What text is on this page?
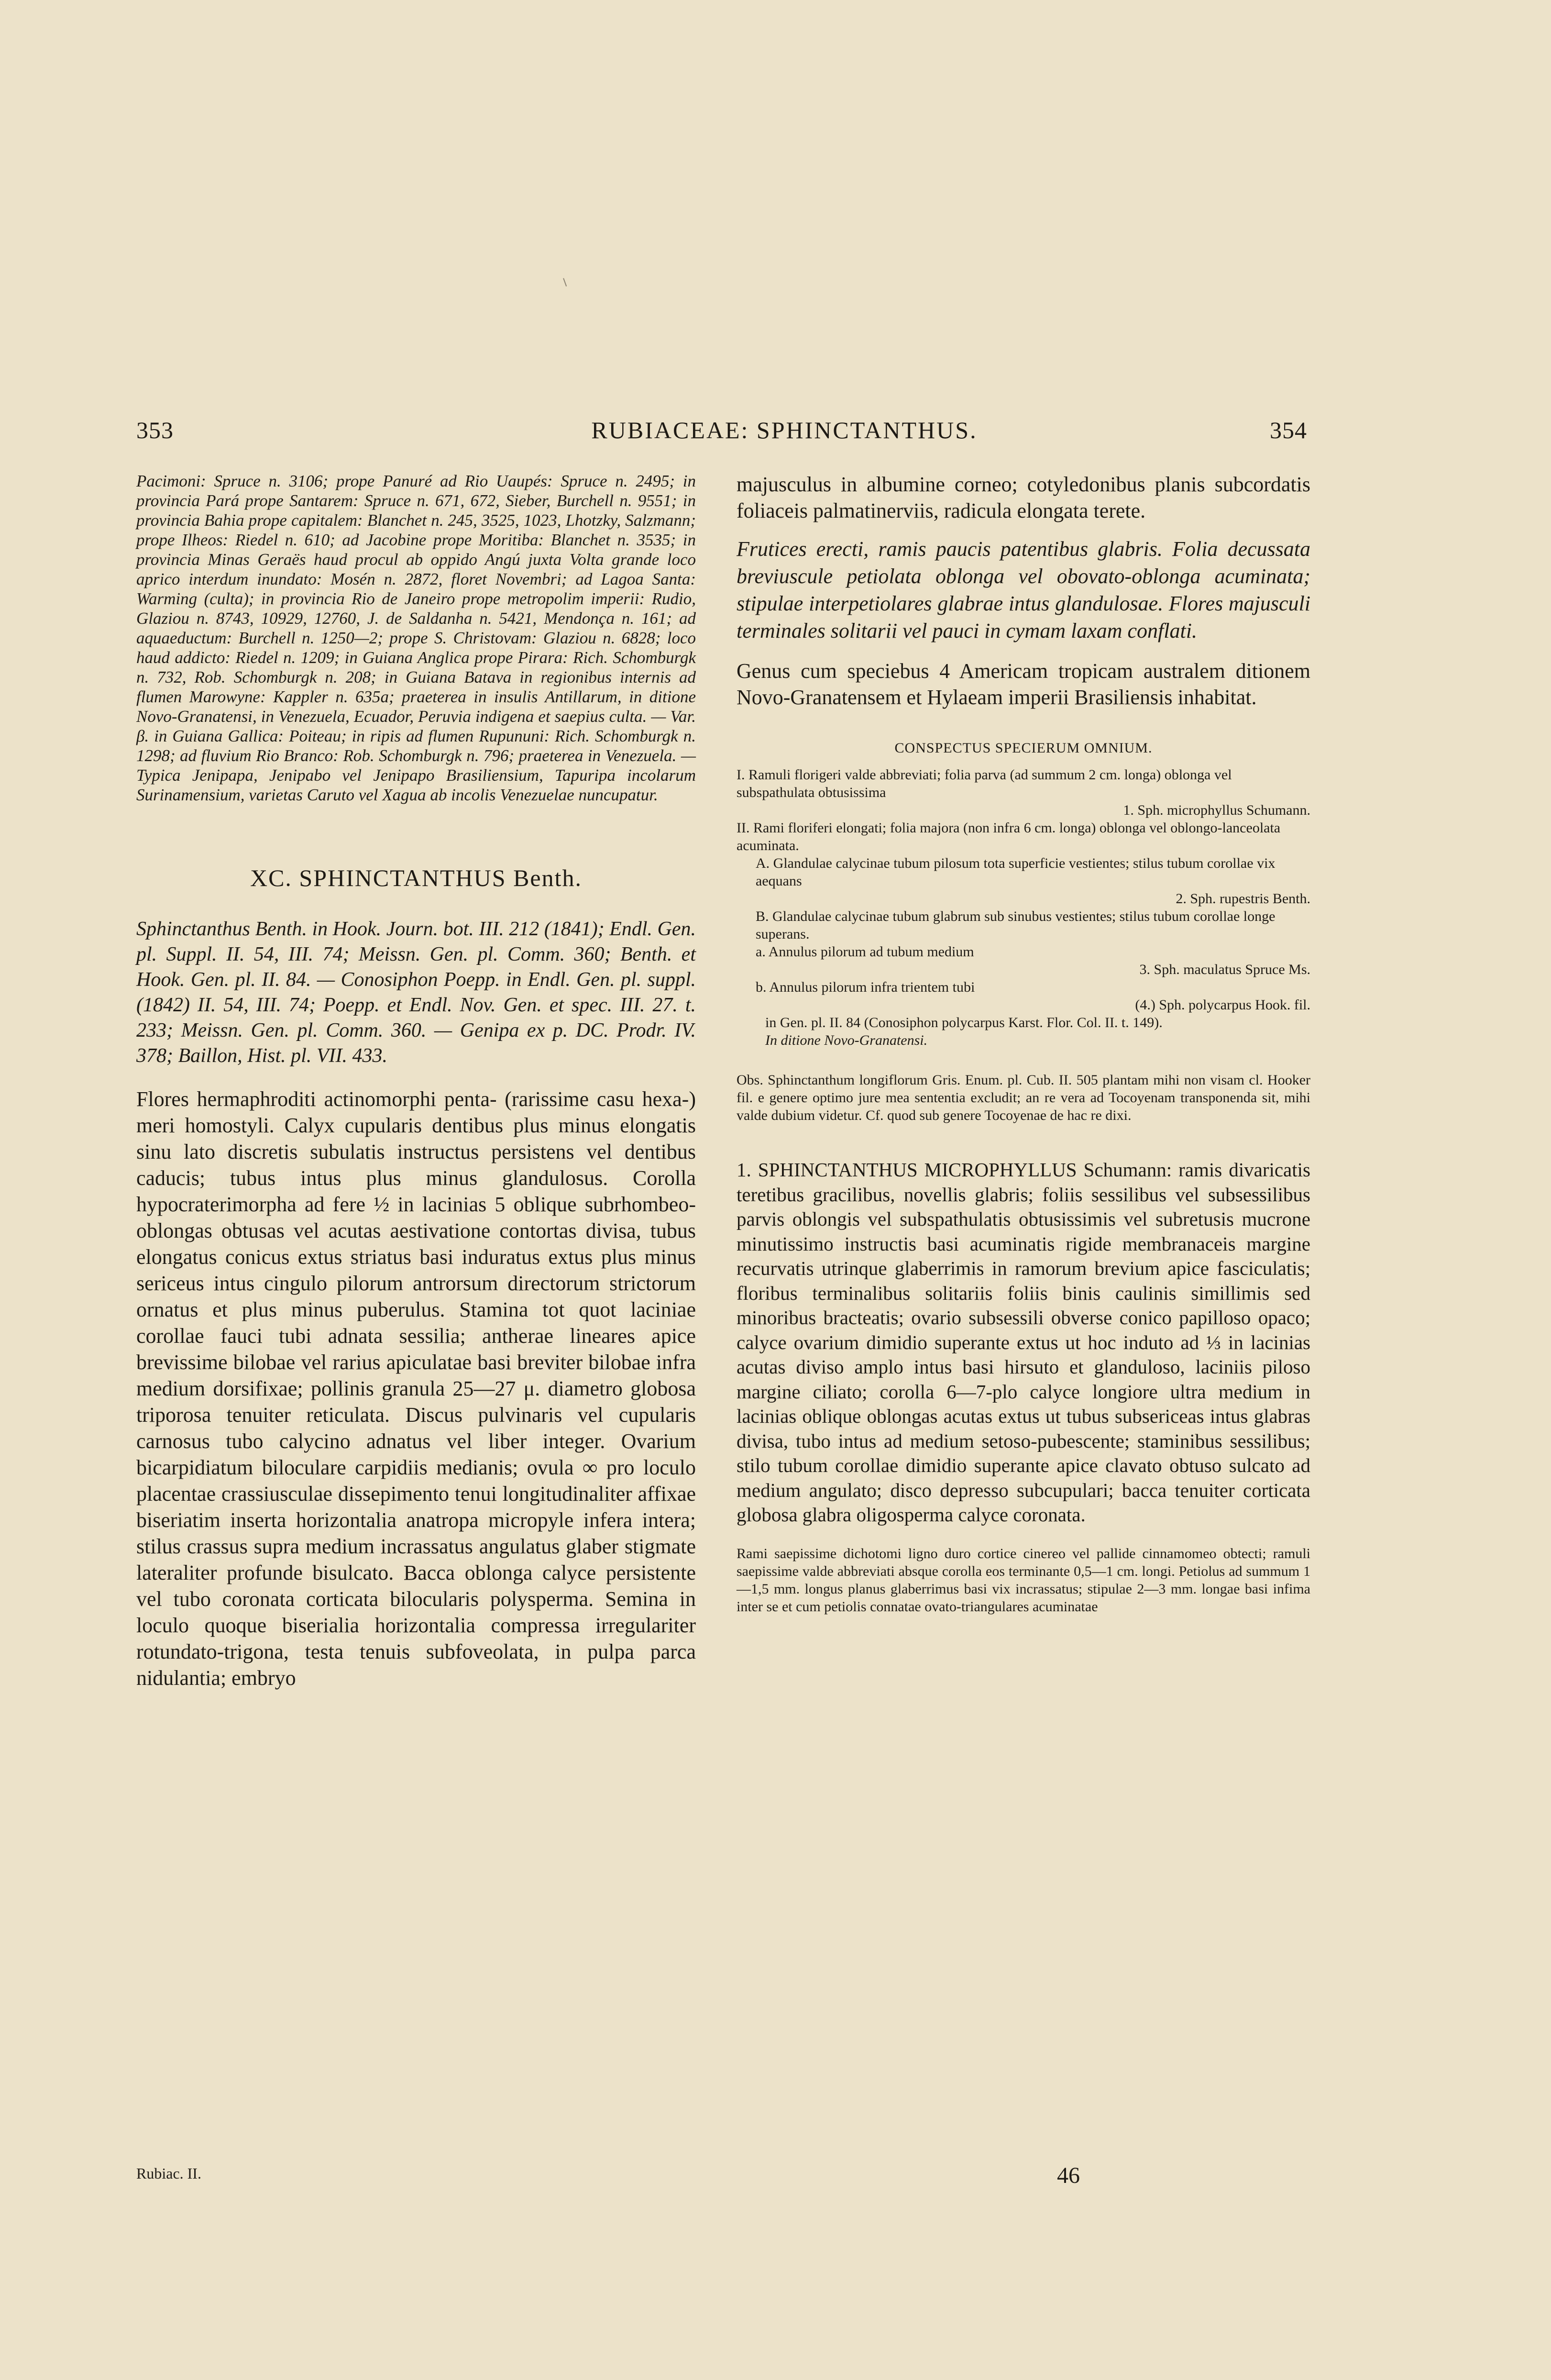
353	RUBIACEAE: SPHINCTANTHUS.	354

Pacimoni: Spruce n. 3106; prope Panuré ad Rio Uaupés: Spruce n. 2495; in provincia Pará prope Santarem: Spruce n. 671, 672, Sieber, Burchell n. 9551; in provincia Bahia prope capitalem: Blanchet n. 245, 3525, 1023, Lhotzky, Salzmann; prope Ilheos: Riedel n. 610; ad Jacobine prope Moritiba: Blanchet n. 3535; in provincia Minas Geraës haud procul ab oppido Angú juxta Volta grande loco aprico interdum inundato: Mosén n. 2872, floret Novembri; ad Lagoa Santa: Warming (culta); in provincia Rio de Janeiro prope metropolim imperii: Rudio, Glaziou n. 8743, 10929, 12760, J. de Saldanha n. 5421, Mendonça n. 161; ad aquaeductum: Burchell n. 1250—2; prope S. Christovam: Glaziou n. 6828; loco haud addicto: Riedel n. 1209; in Guiana Anglica prope Pirara: Rich. Schomburgk n. 732, Rob. Schomburgk n. 208; in Guiana Batava in regionibus internis ad flumen Marowyne: Kappler n. 635a; praeterea in insulis Antillarum, in ditione Novo-Granatensi, in Venezuela, Ecuador, Peruvia indigena et saepius culta. — Var. β. in Guiana Gallica: Poiteau; in ripis ad flumen Rupununi: Rich. Schomburgk n. 1298; ad fluvium Rio Branco: Rob. Schomburgk n. 796; praeterea in Venezuela. — Typica Jenipapa, Jenipabo vel Jenipapo Brasiliensium, Tapuripa incolarum Surinamensium, varietas Caruto vel Xagua ab incolis Venezuelae nuncupatur.

XC. SPHINCTANTHUS Benth.

Sphinctanthus Benth. in Hook. Journ. bot. III. 212 (1841); Endl. Gen. pl. Suppl. II. 54, III. 74; Meissn. Gen. pl. Comm. 360; Benth. et Hook. Gen. pl. II. 84. — Conosiphon Poepp. in Endl. Gen. pl. suppl. (1842) II. 54, III. 74; Poepp. et Endl. Nov. Gen. et spec. III. 27. t. 233; Meissn. Gen. pl. Comm. 360. — Genipa ex p. DC. Prodr. IV. 378; Baillon, Hist. pl. VII. 433.

Flores hermaphroditi actinomorphi penta- (rarissime casu hexa-) meri homostyli. Calyx cupularis dentibus plus minus elongatis sinu lato discretis subulatis instructus persistens vel dentibus caducis; tubus intus plus minus glandulosus. Corolla hypocraterimorpha ad fere ½ in lacinias 5 oblique subrhombeo-oblongas obtusas vel acutas aestivatione contortas divisa, tubus elongatus conicus extus striatus basi induratus extus plus minus sericeus intus cingulo pilorum antrorsum directorum strictorum ornatus et plus minus puberulus. Stamina tot quot laciniae corollae fauci tubi adnata sessilia; antherae lineares apice brevissime bilobae vel rarius apiculatae basi breviter bilobae infra medium dorsifixae; pollinis granula 25—27 μ. diametro globosa triporosa tenuiter reticulata. Discus pulvinaris vel cupularis carnosus tubo calycino adnatus vel liber integer. Ovarium bicarpidiatum biloculare carpidiis medianis; ovula ∞ pro loculo placentae crassiusculae dissepimento tenui longitudinaliter affixae biseriatim inserta horizontalia anatropa micropyle infera intera; stilus crassus supra medium incrassatus angulatus glaber stigmate lateraliter profunde bisulcato. Bacca oblonga calyce persistente vel tubo coronata corticata bilocularis polysperma. Semina in loculo quoque biserialia horizontalia compressa irregulariter rotundato-trigona, testa tenuis subfoveolata, in pulpa parca nidulantia; embryo

Rubiac. II.

majusculus in albumine corneo; cotyledonibus planis subcordatis foliaceis palmatinerviis, radicula elongata terete.

Frutices erecti, ramis paucis patentibus glabris. Folia decussata breviuscule petiolata oblonga vel obovato-oblonga acuminata; stipulae interpetiolares glabrae intus glandulosae. Flores majusculi terminales solitarii vel pauci in cymam laxam conflati.

Genus cum speciebus 4 Americam tropicam australem ditionem Novo-Granatensem et Hylaeam imperii Brasiliensis inhabitat.

CONSPECTUS SPECIERUM OMNIUM.

I. Ramuli florigeri valde abbreviati; folia parva (ad summum 2 cm. longa) oblonga vel subspathulata obtusissima
1. Sph. microphyllus Schumann.
II. Rami floriferi elongati; folia majora (non infra 6 cm. longa) oblonga vel oblongo-lanceolata acuminata.
A. Glandulae calycinae tubum pilosum tota superficie vestientes; stilus tubum corollae vix aequans
2. Sph. rupestris Benth.
B. Glandulae calycinae tubum glabrum sub sinubus vestientes; stilus tubum corollae longe superans.
a. Annulus pilorum ad tubum medium
3. Sph. maculatus Spruce Ms.
b. Annulus pilorum infra trientem tubi
(4.) Sph. polycarpus Hook. fil.
in Gen. pl. II. 84 (Conosiphon polycarpus Karst. Flor. Col. II. t. 149).
In ditione Novo-Granatensi.

Obs. Sphinctanthum longiflorum Gris. Enum. pl. Cub. II. 505 plantam mihi non visam cl. Hooker fil. e genere optimo jure mea sententia excludit; an re vera ad Tocoyenam transponenda sit, mihi valde dubium videtur. Cf. quod sub genere Tocoyenae de hac re dixi.

1. SPHINCTANTHUS MICROPHYLLUS Schumann: ramis divaricatis teretibus gracilibus, novellis glabris; foliis sessilibus vel subsessilibus parvis oblongis vel subspathulatis obtusissimis vel subretusis mucrone minutissimo instructis basi acuminatis rigide membranaceis margine recurvatis utrinque glaberrimis in ramorum brevium apice fasciculatis; floribus terminalibus solitariis foliis binis caulinis simillimis sed minoribus bracteatis; ovario subsessili obverse conico papilloso opaco; calyce ovarium dimidio superante extus ut hoc induto ad ⅓ in lacinias acutas diviso amplo intus basi hirsuto et glanduloso, laciniis piloso margine ciliato; corolla 6—7-plo calyce longiore ultra medium in lacinias oblique oblongas acutas extus ut tubus subsericeas intus glabras divisa, tubo intus ad medium setoso-pubescente; staminibus sessilibus; stilo tubum corollae dimidio superante apice clavato obtuso sulcato ad medium angulato; disco depresso subcupulari; bacca tenuiter corticata globosa glabra oligosperma calyce coronata.

Rami saepissime dichotomi ligno duro cortice cinereo vel pallide cinnamomeo obtecti; ramuli saepissime valde abbreviati absque corolla eos terminante 0,5—1 cm. longi. Petiolus ad summum 1—1,5 mm. longus planus glaberrimus basi vix incrassatus; stipulae 2—3 mm. longae basi infima inter se et cum petiolis connatae ovato-triangulares acuminatae

46
